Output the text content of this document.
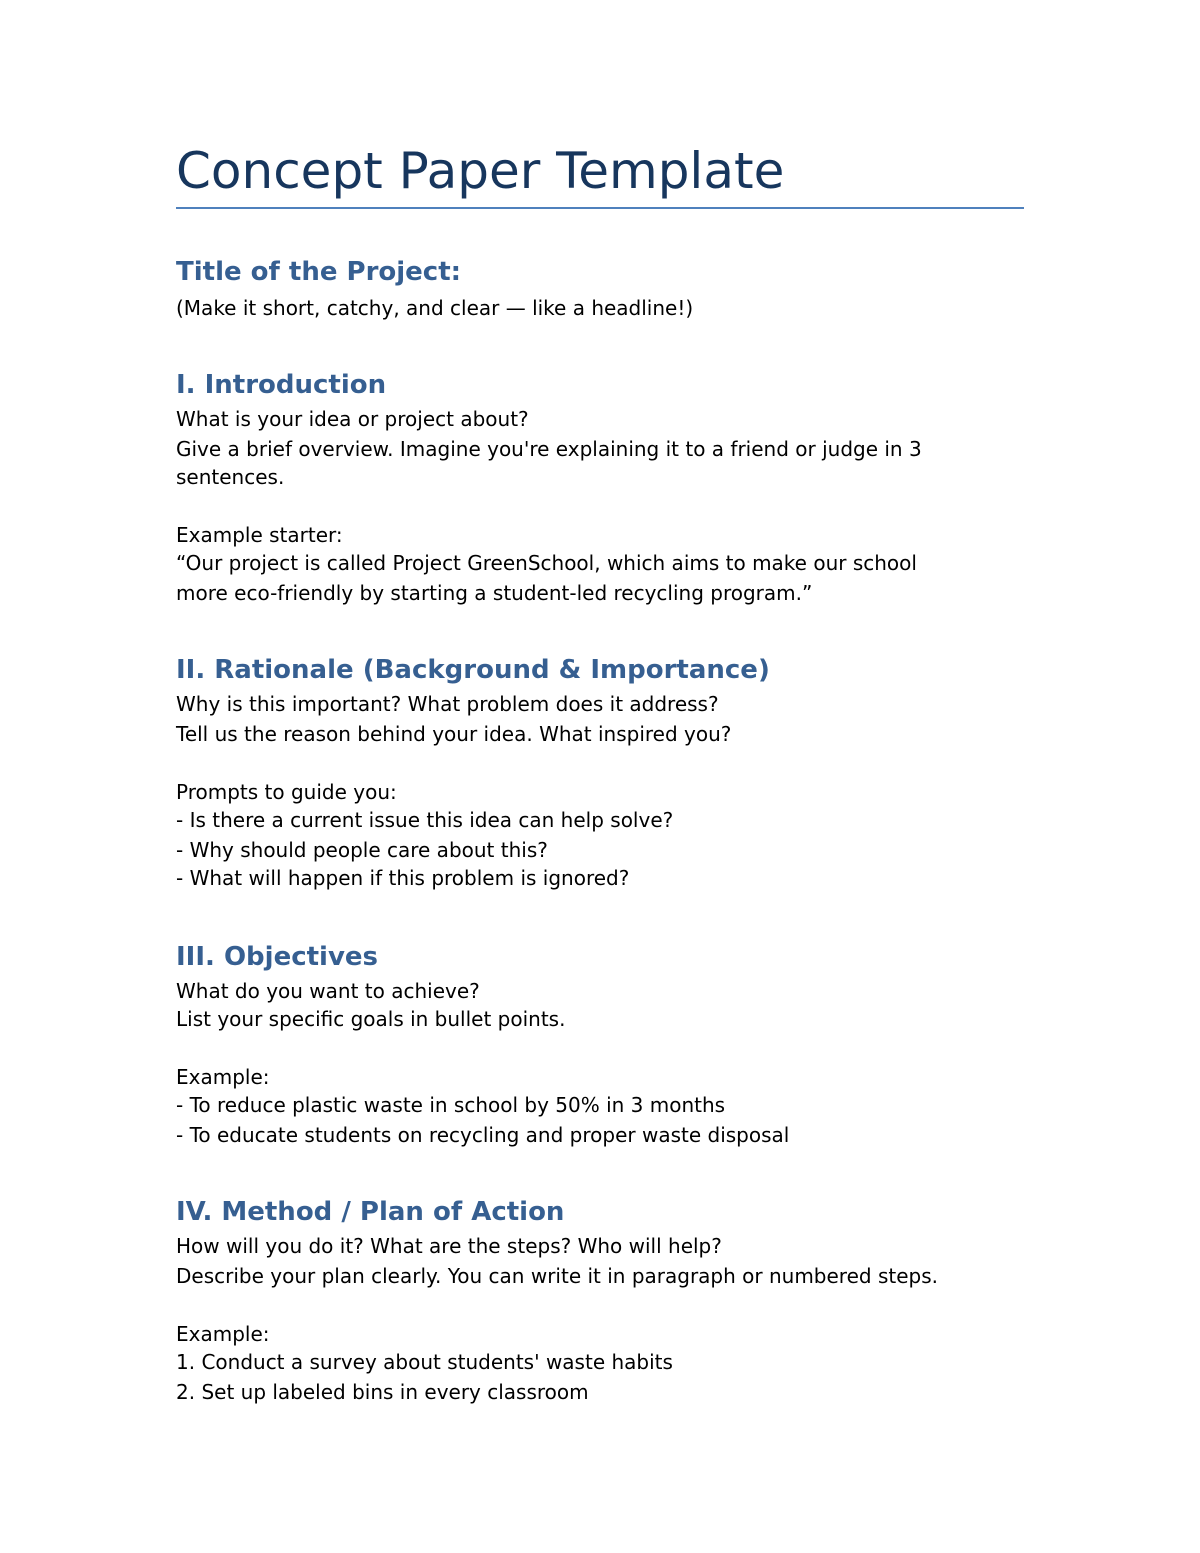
Concept Paper Template
Title of the Project:

(Make it short, catchy, and clear — like a headline!)

I. Introduction

What is your idea or project about?

Give a brief overview. Imagine you're explaining it to a friend or judge in 3

sentences.

Example starter:

“Our project is called Project GreenSchool, which aims to make our school

more eco-friendly by starting a student-led recycling program.”

II. Rationale (Background & Importance)

Why is this important? What problem does it address?

Tell us the reason behind your idea. What inspired you?

Prompts to guide you:

- Is there a current issue this idea can help solve?

- Why should people care about this?

- What will happen if this problem is ignored?

III. Objectives

What do you want to achieve?

List your specific goals in bullet points.

Example:

- To reduce plastic waste in school by 50% in 3 months

- To educate students on recycling and proper waste disposal

IV. Method / Plan of Action

How will you do it? What are the steps? Who will help?

Describe your plan clearly. You can write it in paragraph or numbered steps.

Example:

1. Conduct a survey about students' waste habits

2. Set up labeled bins in every classroom
